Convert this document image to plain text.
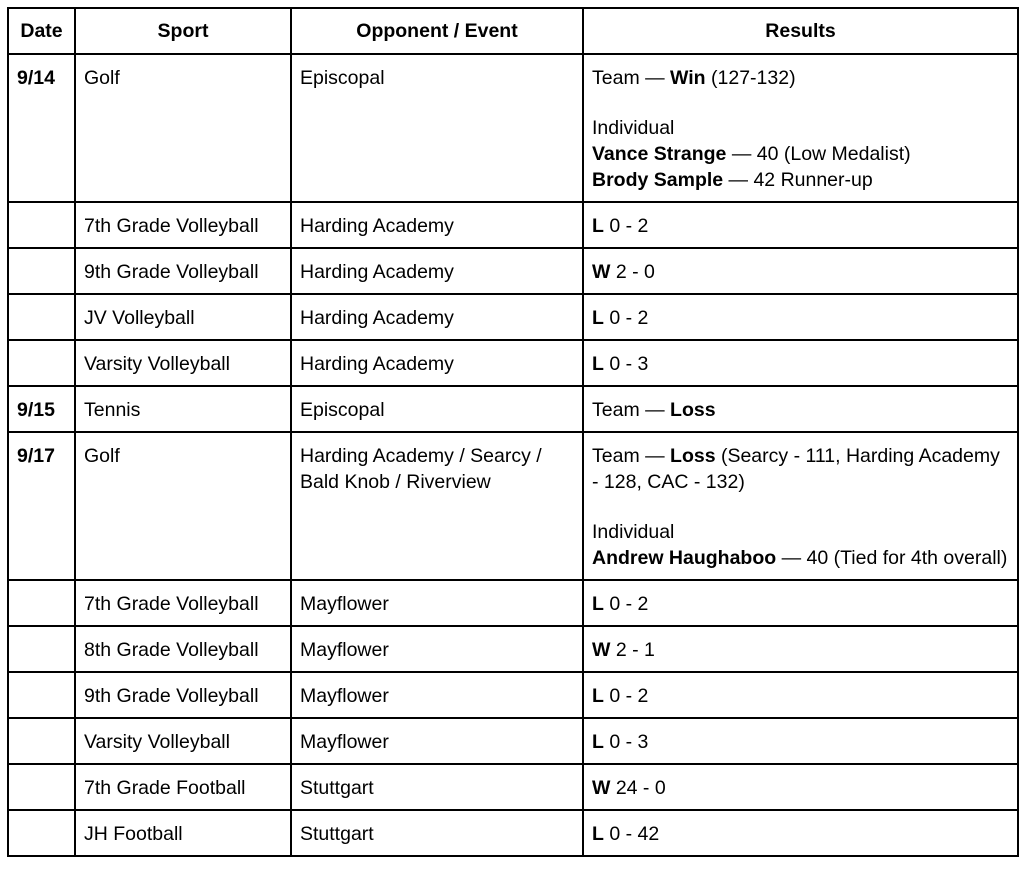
Date	Sport	Opponent / Event	Results
9/14	Golf	Episcopal	Team — Win (127-132)
Individual
Vance Strange — 40 (Low Medalist)
Brody Sample — 42 Runner-up

	7th Grade Volleyball	Harding Academy	L 0 - 2
	9th Grade Volleyball	Harding Academy	W 2 - 0
	JV Volleyball	Harding Academy	L 0 - 2
	Varsity Volleyball	Harding Academy	L 0 - 3
9/15	Tennis	Episcopal	Team — Loss
9/17	Golf	Harding Academy / Searcy / Bald Knob / Riverview	Team — Loss (Searcy - 111, Harding Academy - 128, CAC - 132)
Individual
Andrew Haughaboo — 40 (Tied for 4th overall)

	7th Grade Volleyball	Mayflower	L 0 - 2
	8th Grade Volleyball	Mayflower	W 2 - 1
	9th Grade Volleyball	Mayflower	L 0 - 2
	Varsity Volleyball	Mayflower	L 0 - 3
	7th Grade Football	Stuttgart	W 24 - 0
	JH Football	Stuttgart	L 0 - 42
